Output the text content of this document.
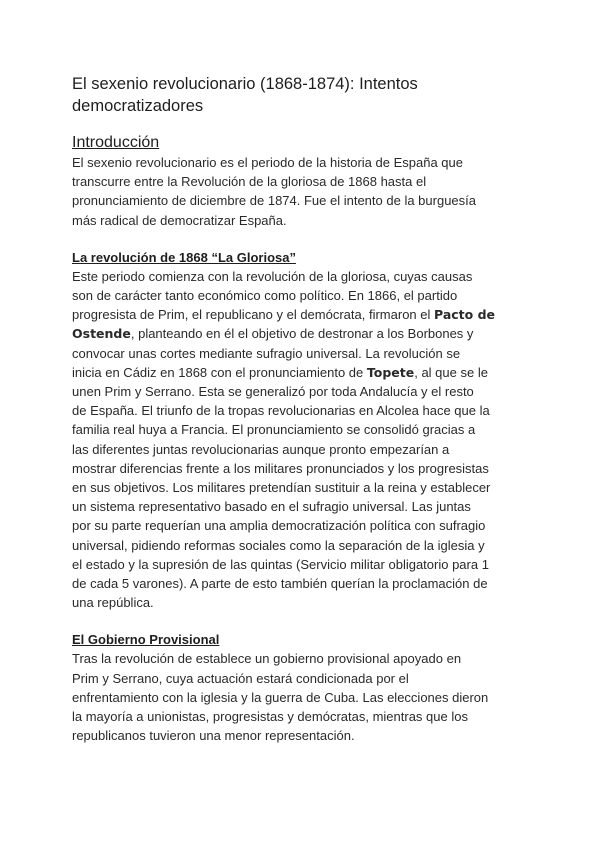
El sexenio revolucionario (1868-1874): Intentos
democratizadores
Introducción

El sexenio revolucionario es el periodo de la historia de España que
transcurre entre la Revolución de la gloriosa de 1868 hasta el
pronunciamiento de diciembre de 1874. Fue el intento de la burguesía
más radical de democratizar España.

La revolución de 1868 “La Gloriosa”

Este periodo comienza con la revolución de la gloriosa, cuyas causas
son de carácter tanto económico como político. En 1866, el partido
progresista de Prim, el republicano y el demócrata, firmaron el Pacto de
Ostende, planteando en él el objetivo de destronar a los Borbones y
convocar unas cortes mediante sufragio universal. La revolución se
inicia en Cádiz en 1868 con el pronunciamiento de Topete, al que se le
unen Prim y Serrano. Esta se generalizó por toda Andalucía y el resto
de España. El triunfo de la tropas revolucionarias en Alcolea hace que la
familia real huya a Francia. El pronunciamiento se consolidó gracias a
las diferentes juntas revolucionarias aunque pronto empezarían a
mostrar diferencias frente a los militares pronunciados y los progresistas
en sus objetivos. Los militares pretendían sustituir a la reina y establecer
un sistema representativo basado en el sufragio universal. Las juntas
por su parte requerían una amplia democratización política con sufragio
universal, pidiendo reformas sociales como la separación de la iglesia y
el estado y la supresión de las quintas (Servicio militar obligatorio para 1
de cada 5 varones). A parte de esto también querían la proclamación de
una república.

El Gobierno Provisional

Tras la revolución de establece un gobierno provisional apoyado en
Prim y Serrano, cuya actuación estará condicionada por el
enfrentamiento con la iglesia y la guerra de Cuba. Las elecciones dieron
la mayoría a unionistas, progresistas y demócratas, mientras que los
republicanos tuvieron una menor representación.
